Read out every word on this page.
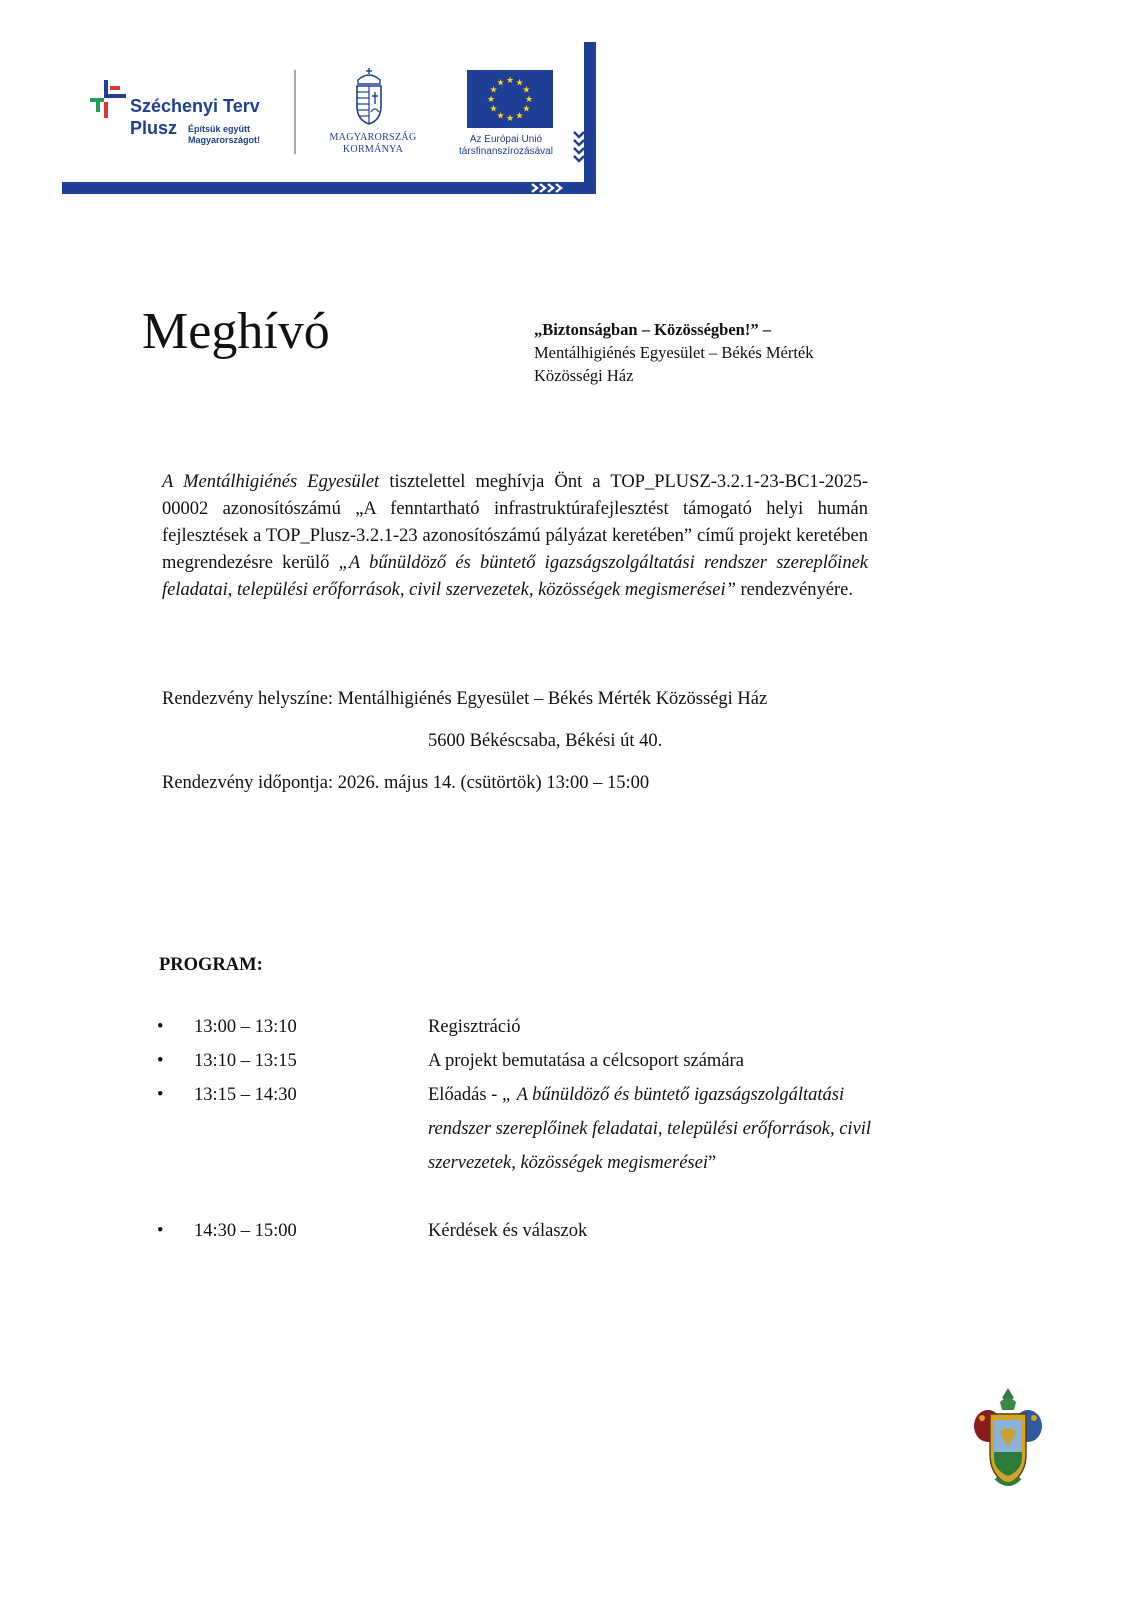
Széchenyi Terv
Plusz Építsük együtt Magyarországot!	MAGYARORSZÁG
KORMÁNYA
★
★
★
★
★
★
★
★
★ ★ ★
★
Az Európai Unió
társfinanszírozásával
Meghívó	„Biztonságban – Közösségben!” –
Mentálhigiénés Egyesület – Békés Mérték
Közösségi Ház
A Mentálhigiénés Egyesület tisztelettel meghívja Önt a TOP_PLUSZ-3.2.1-23-BC1-2025-00002 azonosítószámú „A fenntartható infrastruktúrafejlesztést támogató helyi humán fejlesztések a TOP_Plusz-3.2.1-23 azonosítószámú pályázat keretében” című projekt keretében megrendezésre kerülő „A bűnüldöző és büntető igazságszolgáltatási rendszer szereplőinek feladatai, települési erőforrások, civil szervezetek, közösségek megismerései” rendezvényére.
Rendezvény helyszíne: Mentálhigiénés Egyesület – Békés Mérték Közösségi Ház
5600 Békéscsaba, Békési út 40.
Rendezvény időpontja: 2026. május 14. (csütörtök) 13:00 – 15:00
PROGRAM:
• 13:00 – 13:10	Regisztráció
• 13:10 – 13:15	A projekt bemutatása a célcsoport számára
• 13:15 – 14:30	Előadás - „ A bűnüldöző és büntető igazságszolgáltatási rendszer szereplőinek feladatai, települési erőforrások, civil szervezetek, közösségek megismerései”
• 14:30 – 15:00	Kérdések és válaszok
